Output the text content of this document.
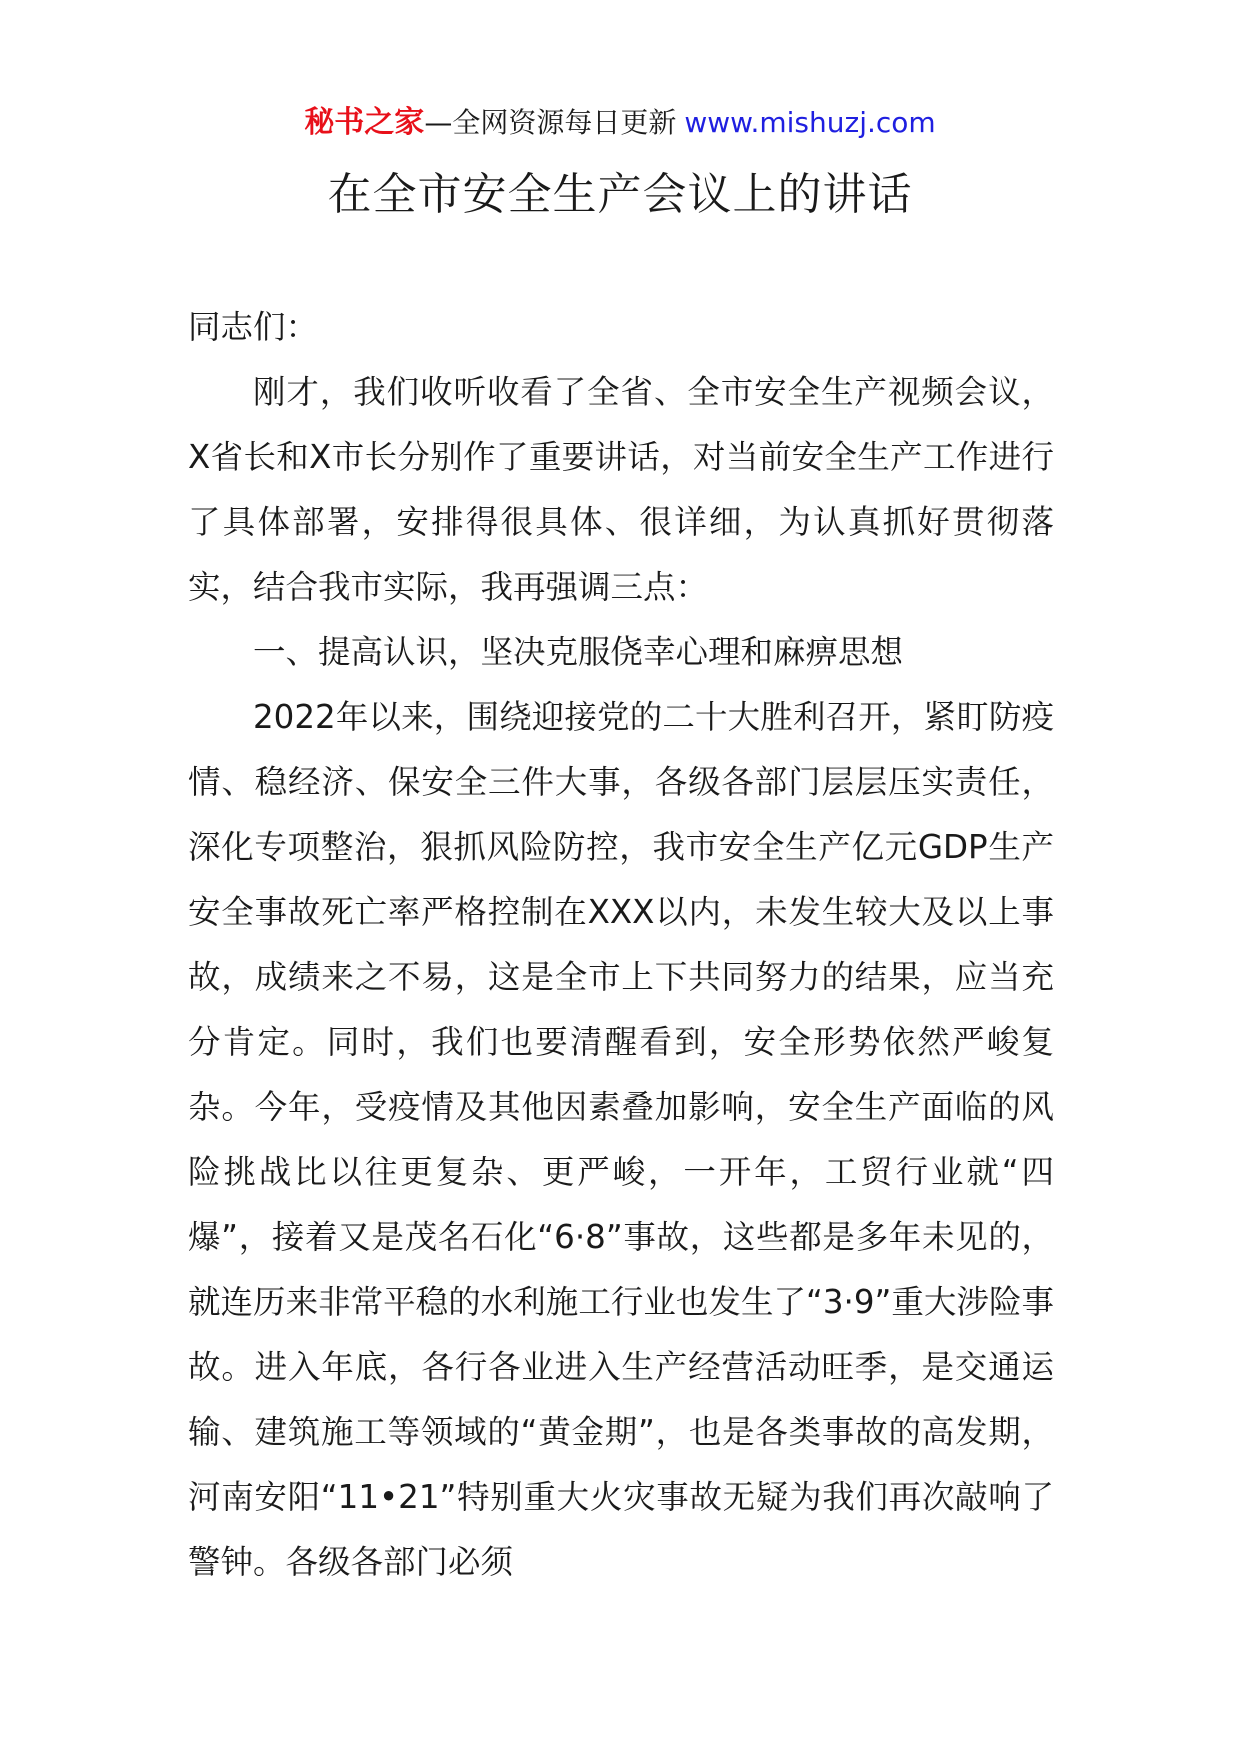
秘书之家—全网资源每日更新 www.mishuzj.com
在全市安全生产会议上的讲话

同志们：

刚才，我们收听收看了全省、全市安全生产视频会议，X省长和X市长分别作了重要讲话，对当前安全生产工作进行了具体部署，安排得很具体、很详细，为认真抓好贯彻落实，结合我市实际，我再强调三点：

一、提高认识，坚决克服侥幸心理和麻痹思想

2022年以来，围绕迎接党的二十大胜利召开，紧盯防疫情、稳经济、保安全三件大事，各级各部门层层压实责任，深化专项整治，狠抓风险防控，我市安全生产亿元GDP生产安全事故死亡率严格控制在XXX以内，未发生较大及以上事故，成绩来之不易，这是全市上下共同努力的结果，应当充分肯定。同时，我们也要清醒看到，安全形势依然严峻复杂。今年，受疫情及其他因素叠加影响，安全生产面临的风险挑战比以往更复杂、更严峻，一开年，工贸行业就“四爆”，接着又是茂名石化“6·8”事故，这些都是多年未见的，就连历来非常平稳的水利施工行业也发生了“3·9”重大涉险事故。进入年底，各行各业进入生产经营活动旺季，是交通运输、建筑施工等领域的“黄金期”，也是各类事故的高发期，河南安阳“11•21”特别重大火灾事故无疑为我们再次敲响了警钟。各级各部门必须
